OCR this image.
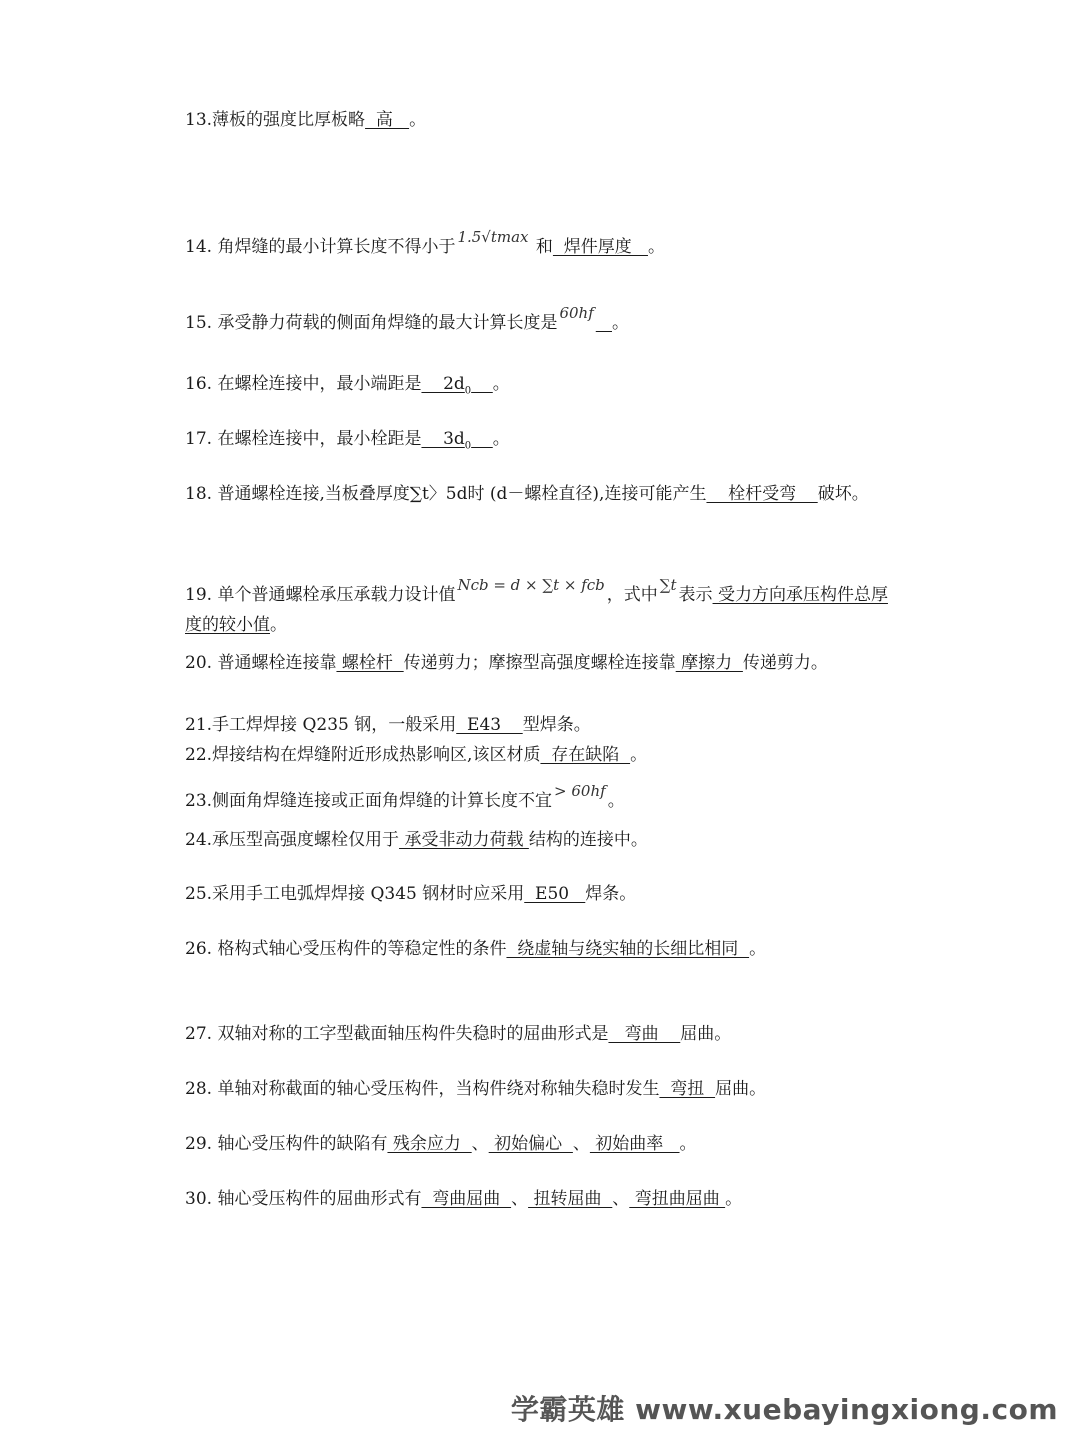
13.薄板的强度比厚板略  高   。
14. 角焊缝的最小计算长度不得小于 1.5√tmax 和  焊件厚度   。
15. 承受静力荷载的侧面角焊缝的最大计算长度是 60hf 。
16. 在螺栓连接中，最小端距是    $2d_0$ 。
17. 在螺栓连接中，最小栓距是    $3d_0$ 。
18. 普通螺栓连接,当板叠厚度∑t〉5d时 (d－螺栓直径),连接可能产生    栓杆受弯    破坏。
19. 单个普通螺栓承压承载力设计值 Ncb = d × ∑t × fcb ，式中 ∑t 表示 受力方向承压构件总厚度的较小值。
20. 普通螺栓连接靠 螺栓杆  传递剪力；摩擦型高强度螺栓连接靠 摩擦力  传递剪力。
21.手工焊焊接 Q235 钢，一般采用  E43    型焊条。
22.焊接结构在焊缝附近形成热影响区,该区材质  存在缺陷  。
23.侧面角焊缝连接或正面角焊缝的计算长度不宜 > 60hf 。
24.承压型高强度螺栓仅用于 承受非动力荷载 结构的连接中。
25.采用手工电弧焊焊接 Q345 钢材时应采用  E50   焊条。
26. 格构式轴心受压构件的等稳定性的条件  绕虚轴与绕实轴的长细比相同  。
27. 双轴对称的工字型截面轴压构件失稳时的屈曲形式是   弯曲    屈曲。
28. 单轴对称截面的轴心受压构件，当构件绕对称轴失稳时发生  弯扭  屈曲。
29. 轴心受压构件的缺陷有 残余应力  、 初始偏心  、 初始曲率   。
30. 轴心受压构件的屈曲形式有  弯曲屈曲  、 扭转屈曲  、 弯扭曲屈曲 。
学霸英雄 www.xuebayingxiong.com
